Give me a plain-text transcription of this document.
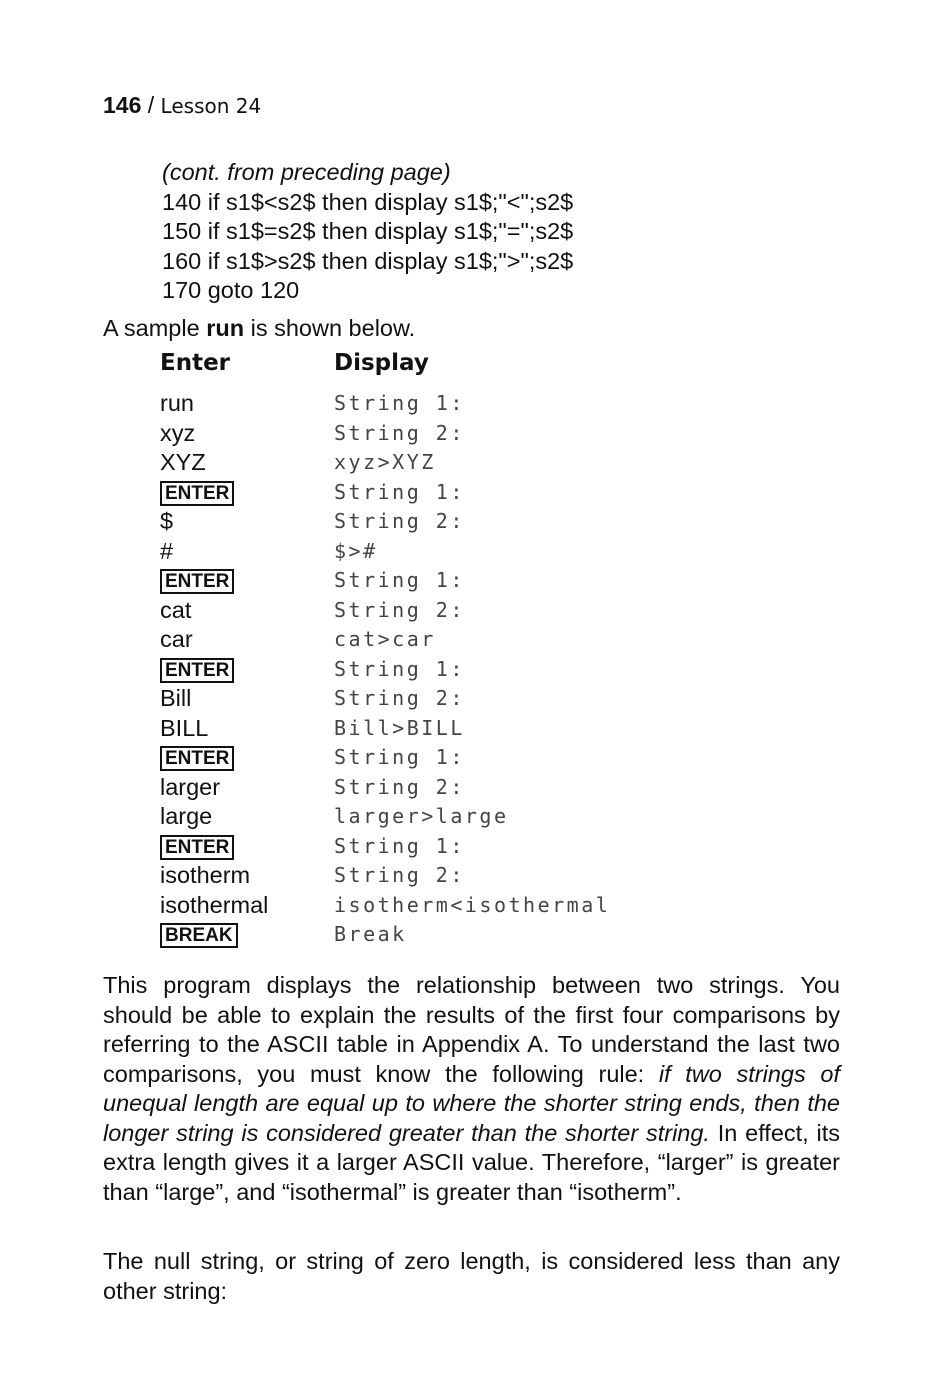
146 / Lesson 24
(cont. from preceding page)
140 if s1$<s2$ then display s1$;"<";s2$
150 if s1$=s2$ then display s1$;"=";s2$
160 if s1$>s2$ then display s1$;">";s2$
170 goto 120
A sample run is shown below.
Enter	Display
run
xyz
XYZ
ENTER
$
#
ENTER
cat
car
ENTER
Bill
BILL
ENTER
larger
large
ENTER
isotherm
isothermal
BREAK
String 1:
String 2:
xyz>XYZ
String 1:
String 2:
$>#
String 1:
String 2:
cat>car
String 1:
String 2:
Bill>BILL
String 1:
String 2:
larger>large
String 1:
String 2:
isotherm<isothermal
Break
This program displays the relationship between two strings. You should be able to explain the results of the first four comparisons by referring to the ASCII table in Appendix A. To understand the last two comparisons, you must know the following rule: if two strings of unequal length are equal up to where the shorter string ends, then the longer string is considered greater than the shorter string. In effect, its extra length gives it a larger ASCII value. Therefore, “larger” is greater than “large”, and “isothermal” is greater than “isotherm”.
The null string, or string of zero length, is considered less than any other string:
